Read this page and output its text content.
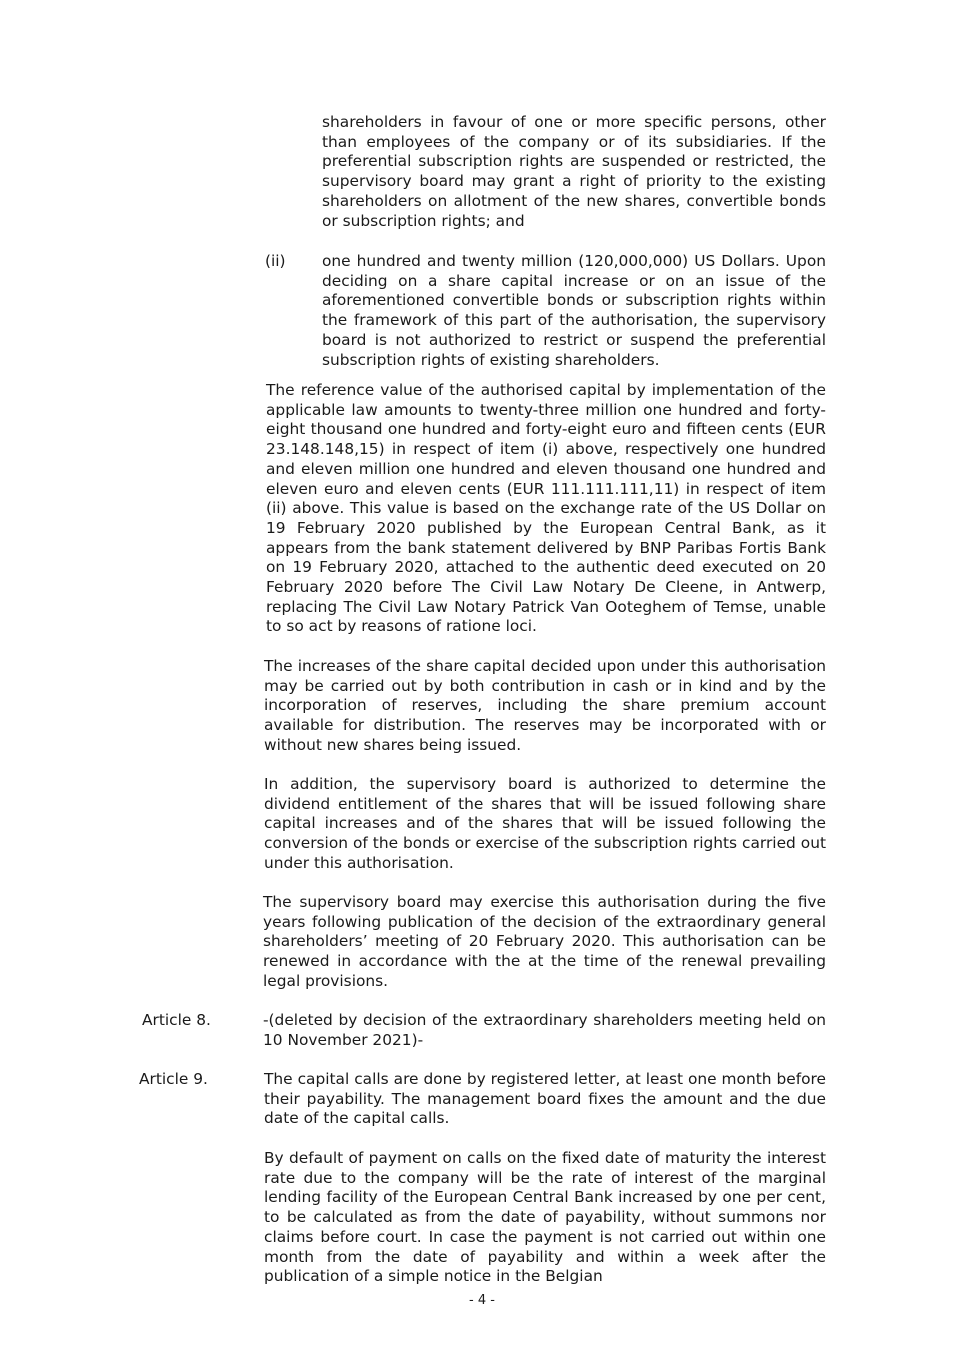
shareholders in favour of one or more specific persons, other than employees of the company or of its subsidiaries. If the preferential subscription rights are suspended or restricted, the supervisory board may grant a right of priority to the existing shareholders on allotment of the new shares, convertible bonds or subscription rights; and

(ii) one hundred and twenty million (120,000,000) US Dollars. Upon deciding on a share capital increase or on an issue of the aforementioned convertible bonds or subscription rights within the framework of this part of the authorisation, the supervisory board is not authorized to restrict or suspend the preferential subscription rights of existing shareholders.

The reference value of the authorised capital by implementation of the applicable law amounts to twenty-three million one hundred and forty-eight thousand one hundred and forty-eight euro and fifteen cents (EUR 23.148.148,15) in respect of item (i) above, respectively one hundred and eleven million one hundred and eleven thousand one hundred and eleven euro and eleven cents (EUR 111.111.111,11) in respect of item (ii) above. This value is based on the exchange rate of the US Dollar on 19 February 2020 published by the European Central Bank, as it appears from the bank statement delivered by BNP Paribas Fortis Bank on 19 February 2020, attached to the authentic deed executed on 20 February 2020 before The Civil Law Notary De Cleene, in Antwerp, replacing The Civil Law Notary Patrick Van Ooteghem of Temse, unable to so act by reasons of ratione loci.

The increases of the share capital decided upon under this authorisation may be carried out by both contribution in cash or in kind and by the incorporation of reserves, including the share premium account available for distribution. The reserves may be incorporated with or without new shares being issued.

In addition, the supervisory board is authorized to determine the dividend entitlement of the shares that will be issued following share capital increases and of the shares that will be issued following the conversion of the bonds or exercise of the subscription rights carried out under this authorisation.

The supervisory board may exercise this authorisation during the five years following publication of the decision of the extraordinary general shareholders’ meeting of 20 February 2020. This authorisation can be renewed in accordance with the at the time of the renewal prevailing legal provisions.

Article 8.	-(deleted by decision of the extraordinary shareholders meeting held on 10 November 2021)-

Article 9.	The capital calls are done by registered letter, at least one month before their payability. The management board fixes the amount and the due date of the capital calls.

By default of payment on calls on the fixed date of maturity the interest rate due to the company will be the rate of interest of the marginal lending facility of the European Central Bank increased by one per cent, to be calculated as from the date of payability, without summons nor claims before court. In case the payment is not carried out within one month from the date of payability and within a week after the publication of a simple notice in the Belgian

- 4 -
